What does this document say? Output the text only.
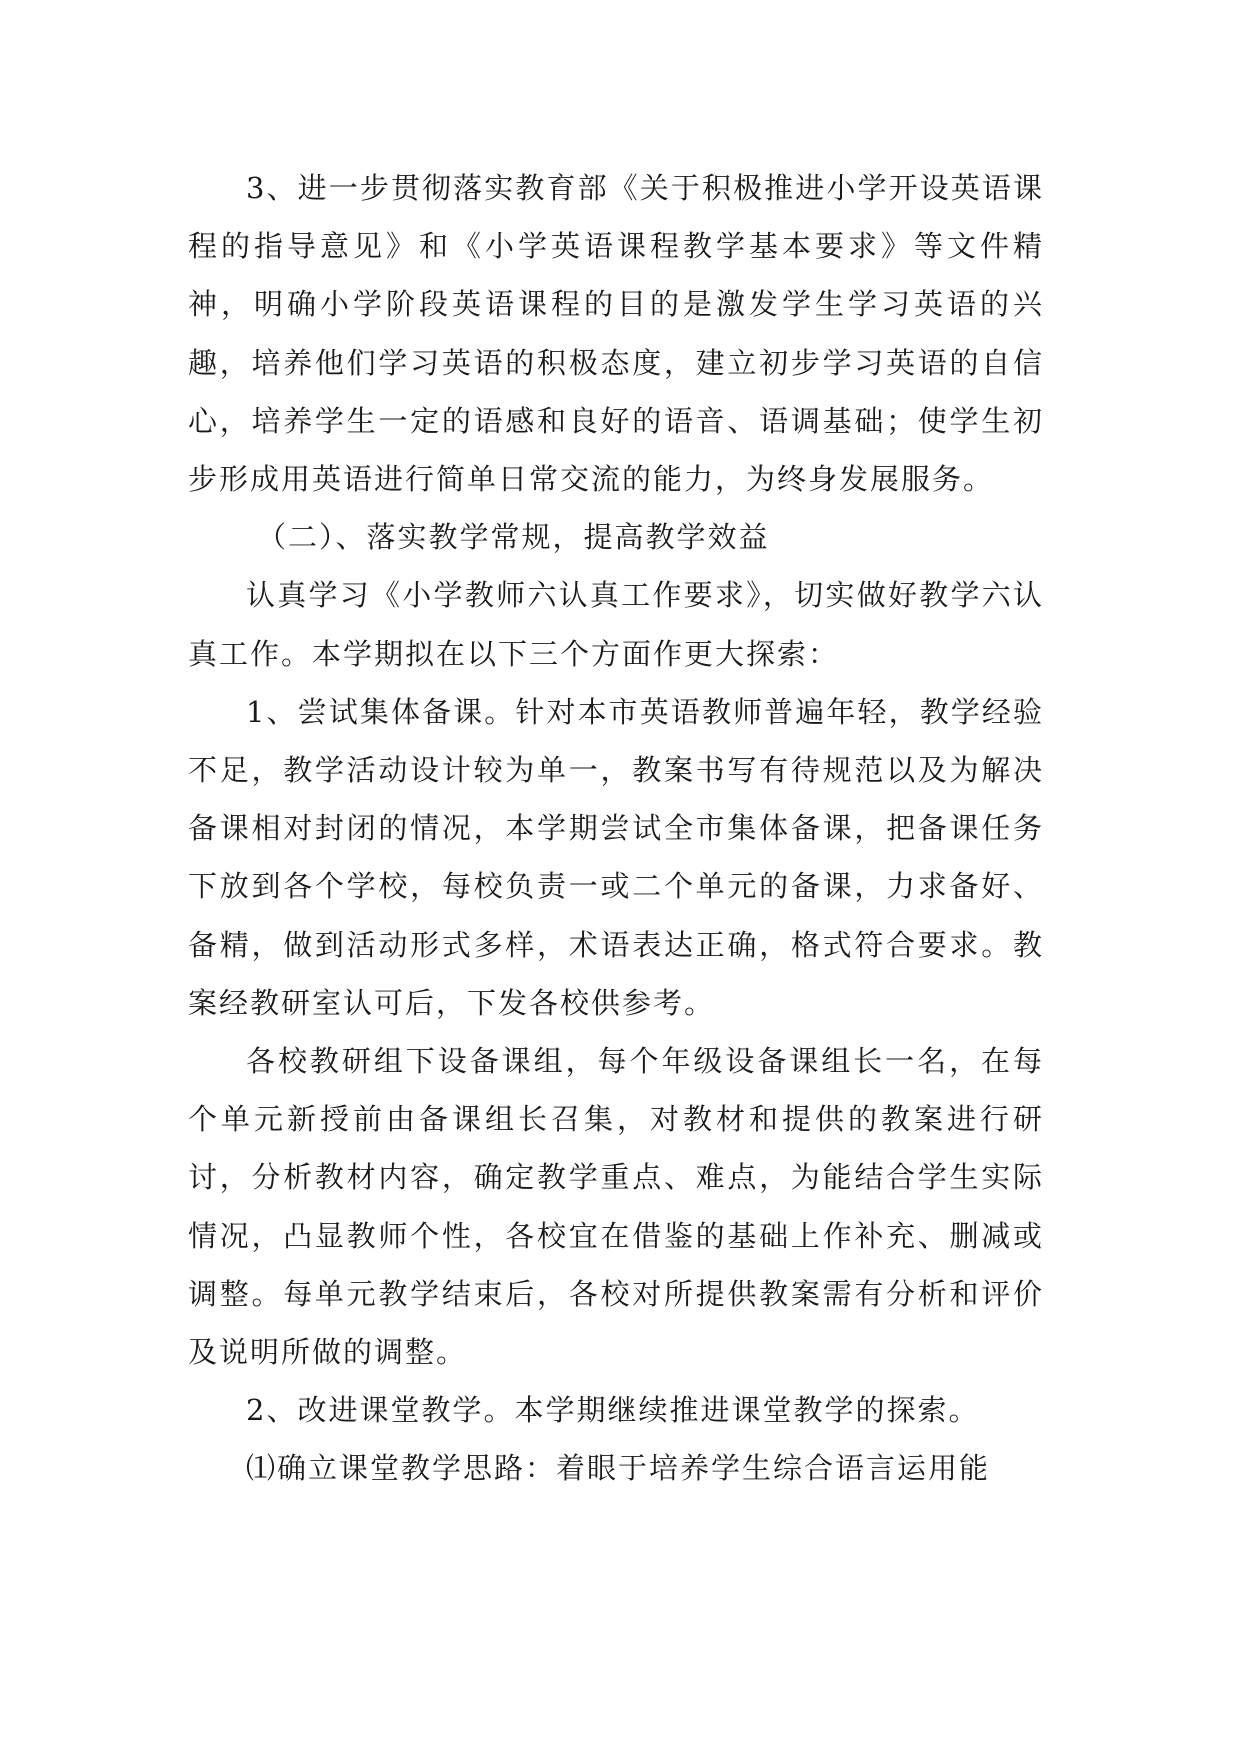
3、进一步贯彻落实教育部《关于积极推进小学开设英语课程的指导意见》和《小学英语课程教学基本要求》等文件精神，明确小学阶段英语课程的目的是激发学生学习英语的兴趣，培养他们学习英语的积极态度，建立初步学习英语的自信心，培养学生一定的语感和良好的语音、语调基础；使学生初步形成用英语进行简单日常交流的能力，为终身发展服务。

（二）、落实教学常规，提高教学效益

认真学习《小学教师六认真工作要求》，切实做好教学六认真工作。本学期拟在以下三个方面作更大探索：

1、尝试集体备课。针对本市英语教师普遍年轻，教学经验不足，教学活动设计较为单一，教案书写有待规范以及为解决备课相对封闭的情况，本学期尝试全市集体备课，把备课任务下放到各个学校，每校负责一或二个单元的备课，力求备好、备精，做到活动形式多样，术语表达正确，格式符合要求。教案经教研室认可后，下发各校供参考。

各校教研组下设备课组，每个年级设备课组长一名，在每个单元新授前由备课组长召集，对教材和提供的教案进行研讨，分析教材内容，确定教学重点、难点，为能结合学生实际情况，凸显教师个性，各校宜在借鉴的基础上作补充、删减或调整。每单元教学结束后，各校对所提供教案需有分析和评价及说明所做的调整。

2、改进课堂教学。本学期继续推进课堂教学的探索。

⑴确立课堂教学思路：着眼于培养学生综合语言运用能
